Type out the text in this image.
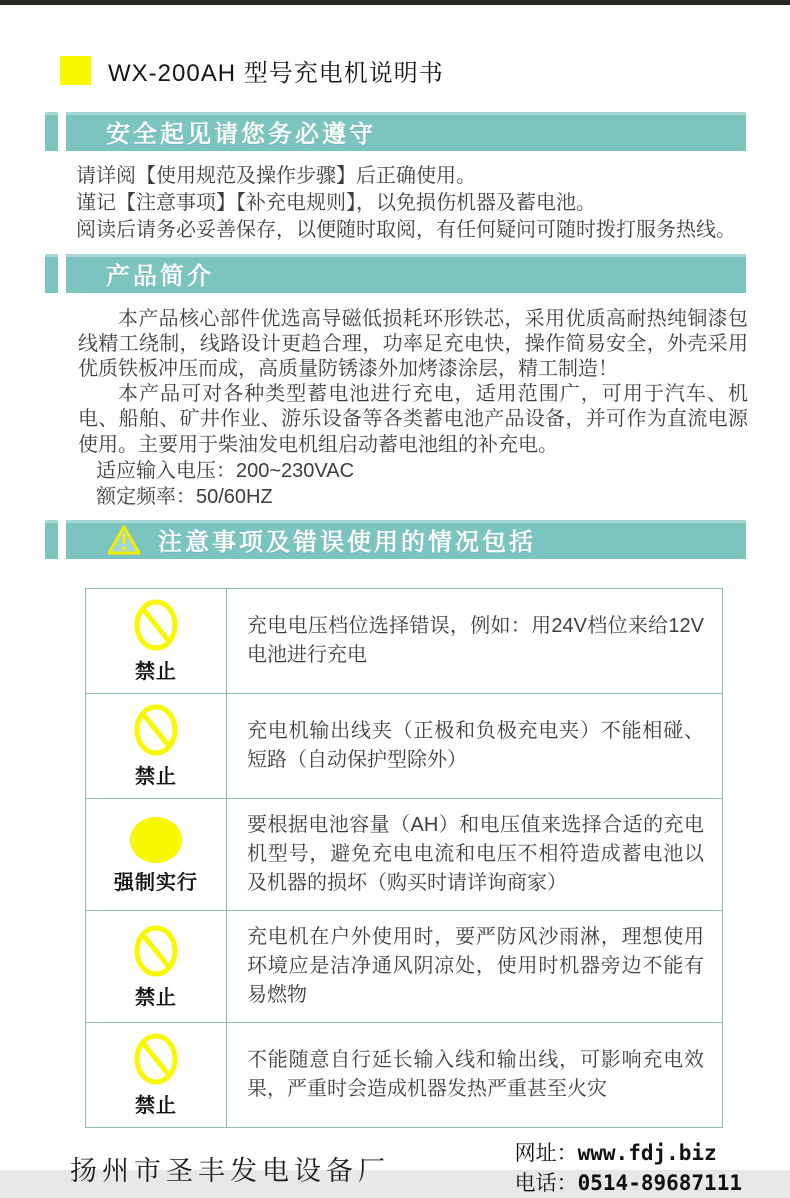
WX-200AH 型号充电机说明书
安全起见请您务必遵守
请详阅【使用规范及操作步骤】后正确使用。
谨记【注意事项】【补充电规则】，以免损伤机器及蓄电池。
阅读后请务必妥善保存，以便随时取阅，有任何疑问可随时拨打服务热线。
产品简介

本产品核心部件优选高导磁低损耗环形铁芯，采用优质高耐热纯铜漆包线精工绕制，线路设计更趋合理，功率足充电快，操作简易安全，外壳采用优质铁板冲压而成，高质量防锈漆外加烤漆涂层，精工制造！

本产品可对各种类型蓄电池进行充电，适用范围广，可用于汽车、机电、船舶、矿井作业、游乐设备等各类蓄电池产品设备，并可作为直流电源使用。主要用于柴油发电机组启动蓄电池组的补充电。

适应输入电压：200~230VAC
额定频率：50/60HZ
注意事项及错误使用的情况包括
禁止	充电电压档位选择错误，例如：用24V档位来给12V电池进行充电

禁止	充电机输出线夹（正极和负极充电夹）不能相碰、短路（自动保护型除外）

强制实行	要根据电池容量（AH）和电压值来选择合适的充电机型号，避免充电电流和电压不相符造成蓄电池以及机器的损坏（购买时请详询商家）

禁止	充电机在户外使用时，要严防风沙雨淋，理想使用环境应是洁净通风阴凉处，使用时机器旁边不能有易燃物

禁止	不能随意自行延长输入线和输出线，可影响充电效果，严重时会造成机器发热严重甚至火灾
扬州市圣丰发电设备厂
网址：www.fdj.biz
电话：0514-89687111
